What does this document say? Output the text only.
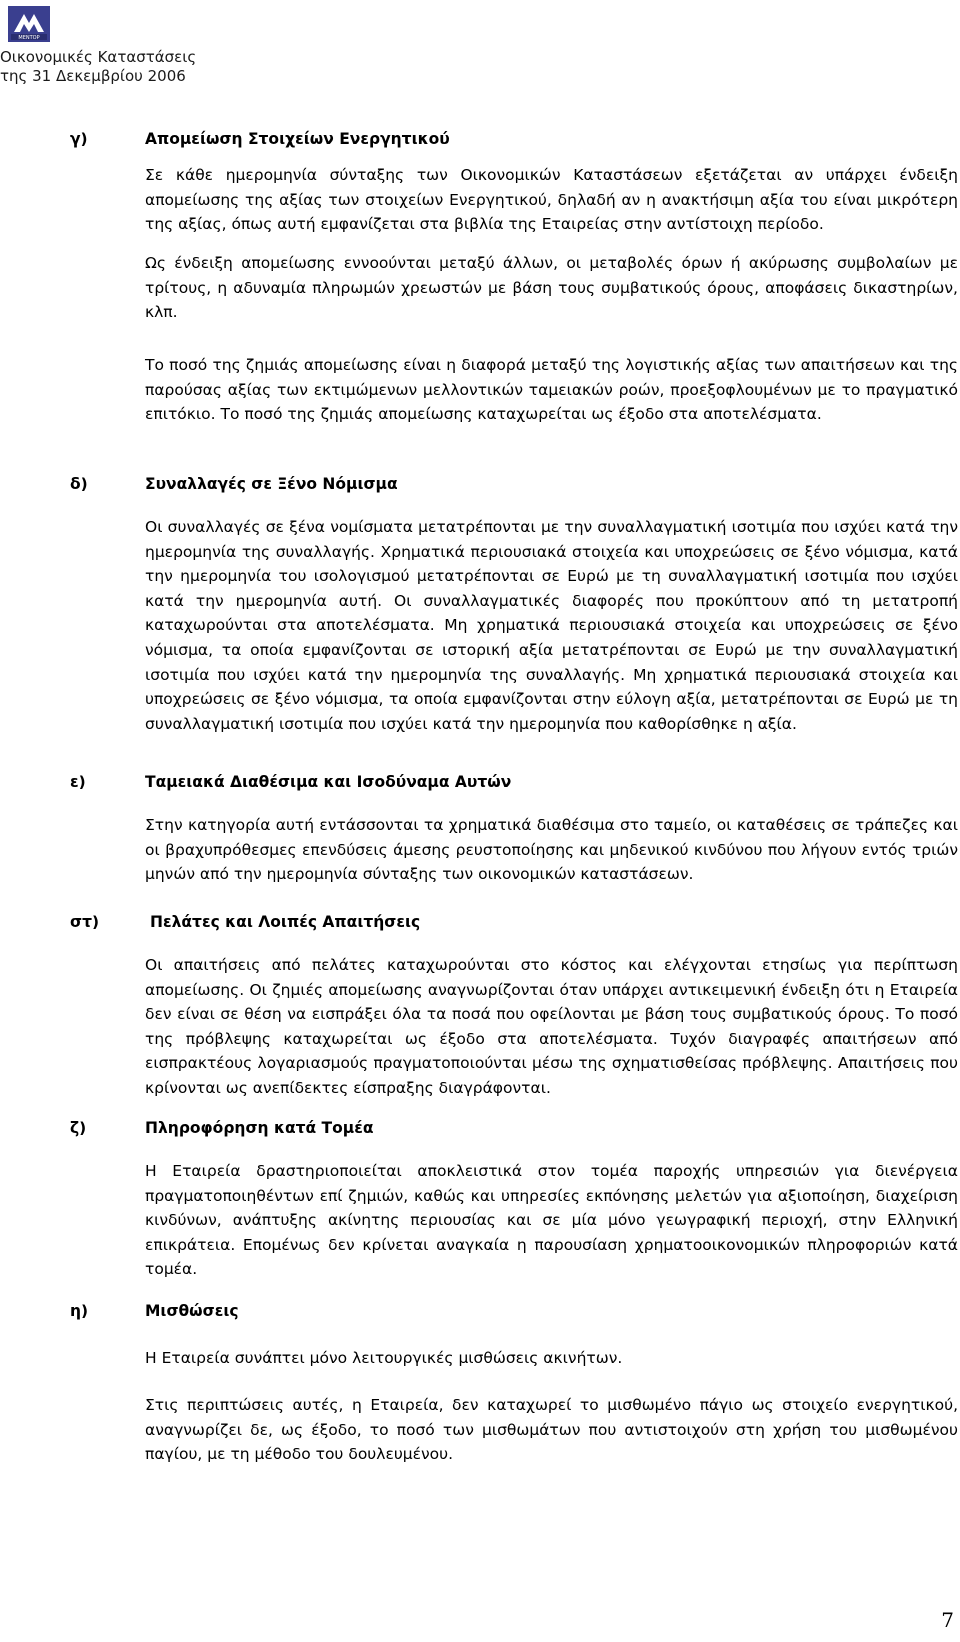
MENTOP
Οικονομικές Καταστάσεις
της 31 Δεκεμβρίου 2006
γ)	Απομείωση Στοιχείων Ενεργητικού
Σε κάθε ημερομηνία σύνταξης των Οικονομικών Καταστάσεων εξετάζεται αν υπάρχει ένδειξη απομείωσης της αξίας των στοιχείων Ενεργητικού, δηλαδή αν η ανακτήσιμη αξία του είναι μικρότερη της αξίας, όπως αυτή εμφανίζεται στα βιβλία της Εταιρείας στην αντίστοιχη περίοδο.
Ως ένδειξη απομείωσης εννοούνται μεταξύ άλλων, οι μεταβολές όρων ή ακύρωσης συμβολαίων με τρίτους, η αδυναμία πληρωμών χρεωστών με βάση τους συμβατικούς όρους, αποφάσεις δικαστηρίων, κλπ.
Το ποσό της ζημιάς απομείωσης είναι η διαφορά μεταξύ της λογιστικής αξίας των απαιτήσεων και της παρούσας αξίας των εκτιμώμενων μελλοντικών ταμειακών ροών, προεξοφλουμένων με το πραγματικό επιτόκιο. Το ποσό της ζημιάς απομείωσης καταχωρείται ως έξοδο στα αποτελέσματα.
δ)	Συναλλαγές σε Ξένο Νόμισμα
Οι συναλλαγές σε ξένα νομίσματα μετατρέπονται με την συναλλαγματική ισοτιμία που ισχύει κατά την ημερομηνία της συναλλαγής. Χρηματικά περιουσιακά στοιχεία και υποχρεώσεις σε ξένο νόμισμα, κατά την ημερομηνία του ισολογισμού μετατρέπονται σε Ευρώ με τη συναλλαγματική ισοτιμία που ισχύει κατά την ημερομηνία αυτή. Οι συναλλαγματικές διαφορές που προκύπτουν από τη μετατροπή καταχωρούνται στα αποτελέσματα. Μη χρηματικά περιουσιακά στοιχεία και υποχρεώσεις σε ξένο νόμισμα, τα οποία εμφανίζονται σε ιστορική αξία μετατρέπονται σε Ευρώ με την συναλλαγματική ισοτιμία που ισχύει κατά την ημερομηνία της συναλλαγής. Μη χρηματικά περιουσιακά στοιχεία και υποχρεώσεις σε ξένο νόμισμα, τα οποία εμφανίζονται στην εύλογη αξία, μετατρέπονται σε Ευρώ με τη συναλλαγματική ισοτιμία που ισχύει κατά την ημερομηνία που καθορίσθηκε η αξία.
ε)	Ταμειακά Διαθέσιμα και Ισοδύναμα Αυτών
Στην κατηγορία αυτή εντάσσονται τα χρηματικά διαθέσιμα στο ταμείο, οι καταθέσεις σε τράπεζες και οι βραχυπρόθεσμες επενδύσεις άμεσης ρευστοποίησης και μηδενικού κινδύνου που λήγουν εντός τριών μηνών από την ημερομηνία σύνταξης των οικονομικών καταστάσεων.
στ)	Πελάτες και Λοιπές Απαιτήσεις
Οι απαιτήσεις από πελάτες καταχωρούνται στο κόστος και ελέγχονται ετησίως για περίπτωση απομείωσης. Οι ζημιές απομείωσης αναγνωρίζονται όταν υπάρχει αντικειμενική ένδειξη ότι η Εταιρεία δεν είναι σε θέση να εισπράξει όλα τα ποσά που οφείλονται με βάση τους συμβατικούς όρους. Το ποσό της πρόβλεψης καταχωρείται ως έξοδο στα αποτελέσματα. Τυχόν διαγραφές απαιτήσεων από εισπρακτέους λογαριασμούς πραγματοποιούνται μέσω της σχηματισθείσας πρόβλεψης. Απαιτήσεις που κρίνονται ως ανεπίδεκτες είσπραξης διαγράφονται.
ζ)	Πληροφόρηση κατά Τομέα
Η Εταιρεία δραστηριοποιείται αποκλειστικά στον τομέα παροχής υπηρεσιών για διενέργεια πραγματοποιηθέντων επί ζημιών, καθώς και υπηρεσίες εκπόνησης μελετών για αξιοποίηση, διαχείριση κινδύνων, ανάπτυξης ακίνητης περιουσίας και σε μία μόνο γεωγραφική περιοχή, στην Ελληνική επικράτεια. Επομένως δεν κρίνεται αναγκαία η παρουσίαση χρηματοοικονομικών πληροφοριών κατά τομέα.
η)	Μισθώσεις
Η Εταιρεία συνάπτει μόνο λειτουργικές μισθώσεις ακινήτων.
Στις περιπτώσεις αυτές, η Εταιρεία, δεν καταχωρεί το μισθωμένο πάγιο ως στοιχείο ενεργητικού, αναγνωρίζει δε, ως έξοδο, το ποσό των μισθωμάτων που αντιστοιχούν στη χρήση του μισθωμένου παγίου, με τη μέθοδο του δουλευμένου.
7
